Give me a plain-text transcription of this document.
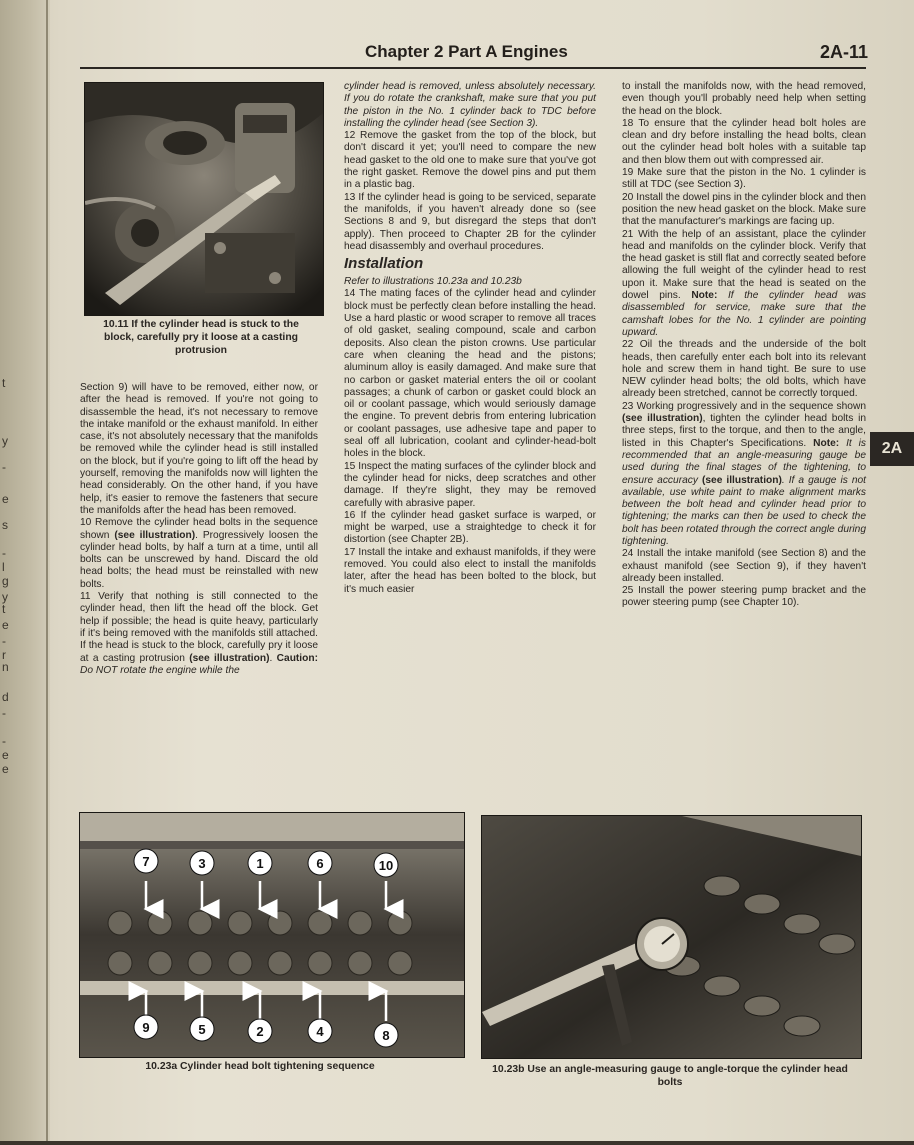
t
y
-
e
s
-
l
g
y
t
e
-
r
n
d
-
-
e
e
Chapter 2 Part A Engines	2A-11
2A
10.11 If the cylinder head is stuck to the block, carefully pry it loose at a casting protrusion

Section 9) will have to be removed, either now, or after the head is removed. If you're not going to disassemble the head, it's not necessary to remove the intake manifold or the exhaust manifold. In either case, it's not absolutely necessary that the manifolds be removed while the cylinder head is still installed on the block, but if you're going to lift off the head by yourself, removing the manifolds now will lighten the head considerably. On the other hand, if you have help, it's easier to remove the fasteners that secure the manifolds after the head has been removed.

10 Remove the cylinder head bolts in the sequence shown (see illustration). Progressively loosen the cylinder head bolts, by half a turn at a time, until all bolts can be unscrewed by hand. Discard the old head bolts; the head must be reinstalled with new bolts.

11 Verify that nothing is still connected to the cylinder head, then lift the head off the block. Get help if possible; the head is quite heavy, particularly if it's being removed with the manifolds still attached. If the head is stuck to the block, carefully pry it loose at a casting protrusion (see illustration). Caution: Do NOT rotate the engine while the

cylinder head is removed, unless absolutely necessary. If you do rotate the crankshaft, make sure that you put the piston in the No. 1 cylinder back to TDC before installing the cylinder head (see Section 3).

12 Remove the gasket from the top of the block, but don't discard it yet; you'll need to compare the new head gasket to the old one to make sure that you've got the right gasket. Remove the dowel pins and put them in a plastic bag.

13 If the cylinder head is going to be serviced, separate the manifolds, if you haven't already done so (see Sections 8 and 9, but disregard the steps that don't apply). Then proceed to Chapter 2B for the cylinder head disassembly and overhaul procedures.

Installation

Refer to illustrations 10.23a and 10.23b

14 The mating faces of the cylinder head and cylinder block must be perfectly clean before installing the head. Use a hard plastic or wood scraper to remove all traces of old gasket, sealing compound, scale and carbon deposits. Also clean the piston crowns. Use particular care when cleaning the head and the pistons; aluminum alloy is easily damaged. And make sure that no carbon or gasket material enters the oil or coolant passages; a chunk of carbon or gasket could block an oil or coolant passage, which would seriously damage the engine. To prevent debris from entering lubrication or coolant passages, use adhesive tape and paper to seal off all lubrication, coolant and cylinder-head-bolt holes in the block.

15 Inspect the mating surfaces of the cylinder block and the cylinder head for nicks, deep scratches and other damage. If they're slight, they may be removed carefully with abrasive paper.

16 If the cylinder head gasket surface is warped, or might be warped, use a straightedge to check it for distortion (see Chapter 2B).

17 Install the intake and exhaust manifolds, if they were removed. You could also elect to install the manifolds later, after the head has been bolted to the block, but it's much easier

to install the manifolds now, with the head removed, even though you'll probably need help when setting the head on the block.

18 To ensure that the cylinder head bolt holes are clean and dry before installing the head bolts, clean out the cylinder head bolt holes with a suitable tap and then blow them out with compressed air.

19 Make sure that the piston in the No. 1 cylinder is still at TDC (see Section 3).

20 Install the dowel pins in the cylinder block and then position the new head gasket on the block. Make sure that the manufacturer's markings are facing up.

21 With the help of an assistant, place the cylinder head and manifolds on the cylinder block. Verify that the head gasket is still flat and correctly seated before allowing the full weight of the cylinder head to rest upon it. Make sure that the head is seated on the dowel pins. Note: If the cylinder head was disassembled for service, make sure that the camshaft lobes for the No. 1 cylinder are pointing upward.

22 Oil the threads and the underside of the bolt heads, then carefully enter each bolt into its relevant hole and screw them in hand tight. Be sure to use NEW cylinder head bolts; the old bolts, which have already been stretched, cannot be correctly torqued.

23 Working progressively and in the sequence shown (see illustration), tighten the cylinder head bolts in three steps, first to the torque, and then to the angle, listed in this Chapter's Specifications. Note: It is recommended that an angle-measuring gauge be used during the final stages of the tightening, to ensure accuracy (see illustration). If a gauge is not available, use white paint to make alignment marks between the bolt head and cylinder head prior to tightening; the marks can then be used to check the bolt has been rotated through the correct angle during tightening.

24 Install the intake manifold (see Section 8) and the exhaust manifold (see Section 9), if they haven't already been installed.

25 Install the power steering pump bracket and the power steering pump (see Chapter 10).

7	3	1	6	10
9	5	2	4	8
10.23a Cylinder head bolt tightening sequence	10.23b Use an angle-measuring gauge to angle-torque the cylinder head bolts
